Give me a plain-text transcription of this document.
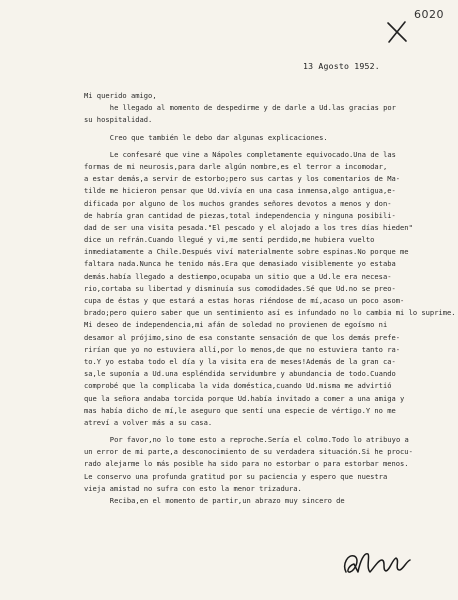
6020
13 Agosto 1952.
Mi querido amigo,
he llegado al momento de despedirme y de darle a Ud.las gracias por
su hospitalidad.
Creo que también le debo dar algunas explicaciones.
Le confesaré que vine a Nápoles completamente equivocado.Una de las
formas de mi neurosis,para darle algún nombre,es el terror a incomodar,
a estar demás,a servir de estorbo;pero sus cartas y los comentarios de Ma-
tilde me hicieron pensar que Ud.vivía en una casa inmensa,algo antigua,e-
dificada por alguno de los muchos grandes señores devotos a menos y don-
de habría gran cantidad de piezas,total independencia y ninguna posibili-
dad de ser una visita pesada."El pescado y el alojado a los tres días hieden"
dice un refrán.Cuando llegué y vi,me sentí perdido,me hubiera vuelto
inmediatamente a Chile.Después viví materialmente sobre espinas.No porque me
faltara nada.Nunca he tenido más.Era que demasiado visiblemente yo estaba
demás.había llegado a destiempo,ocupaba un sitio que a Ud.le era necesa-
rio,cortaba su libertad y disminuía sus comodidades.Sé que Ud.no se preo-
cupa de éstas y que estará a estas horas riéndose de mí,acaso un poco asom-
brado;pero quiero saber que un sentimiento así es infundado no lo cambia mi lo suprime.
Mi deseo de independencia,mi afán de soledad no provienen de egoísmo ni
desamor al prójimo,sino de esa constante sensación de que los demás prefe-
rirían que yo no estuviera allí,por lo menos,de que no estuviera tanto ra-
to.Y yo estaba todo el día y la visita era de meses!Además de la gran ca-
sa,le suponía a Ud.una espléndida servidumbre y abundancia de todo.Cuando
comprobé que la complicaba la vida doméstica,cuando Ud.misma me advirtió
que la señora andaba torcida porque Ud.había invitado a comer a una amiga y
mas había dicho de mí,le aseguro que sentí una especie de vértigo.Y no me
atreví a volver más a su casa.
Por favor,no lo tome esto a reproche.Sería el colmo.Todo lo atribuyo a
un error de mi parte,a desconocimiento de su verdadera situación.Si he procu-
rado alejarme lo más posible ha sido para no estorbar o para estorbar menos.
Le conservo una profunda gratitud por su paciencia y espero que nuestra
vieja amistad no sufra con esto la menor trizadura.
Reciba,en el momento de partir,un abrazo muy sincero de
